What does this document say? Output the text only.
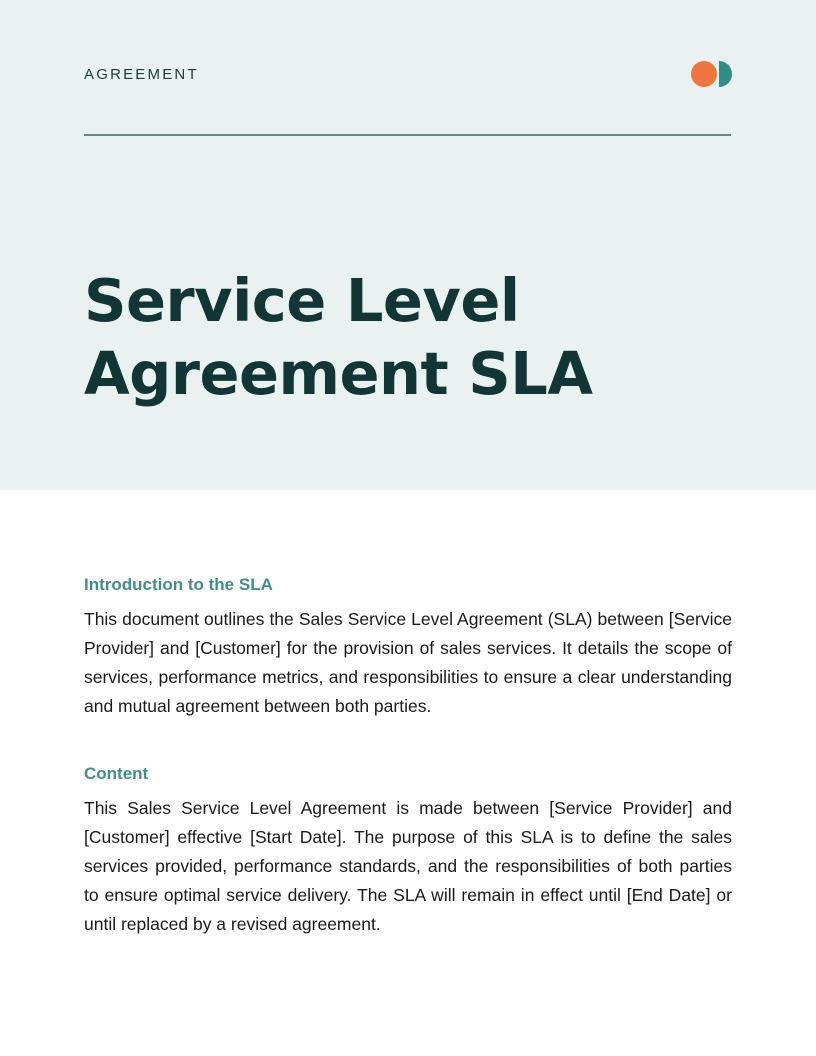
AGREEMENT
Service Level
Agreement SLA
Introduction to the SLA

This document outlines the Sales Service Level Agreement (SLA) between [Service Provider] and [Customer] for the provision of sales services. It details the scope of services, performance metrics, and responsibilities to ensure a clear understanding and mutual agreement between both parties.

Content

This Sales Service Level Agreement is made between [Service Provider] and [Customer] effective [Start Date]. The purpose of this SLA is to define the sales services provided, performance standards, and the responsibilities of both parties to ensure optimal service delivery. The SLA will remain in effect until [End Date] or until replaced by a revised agreement.
